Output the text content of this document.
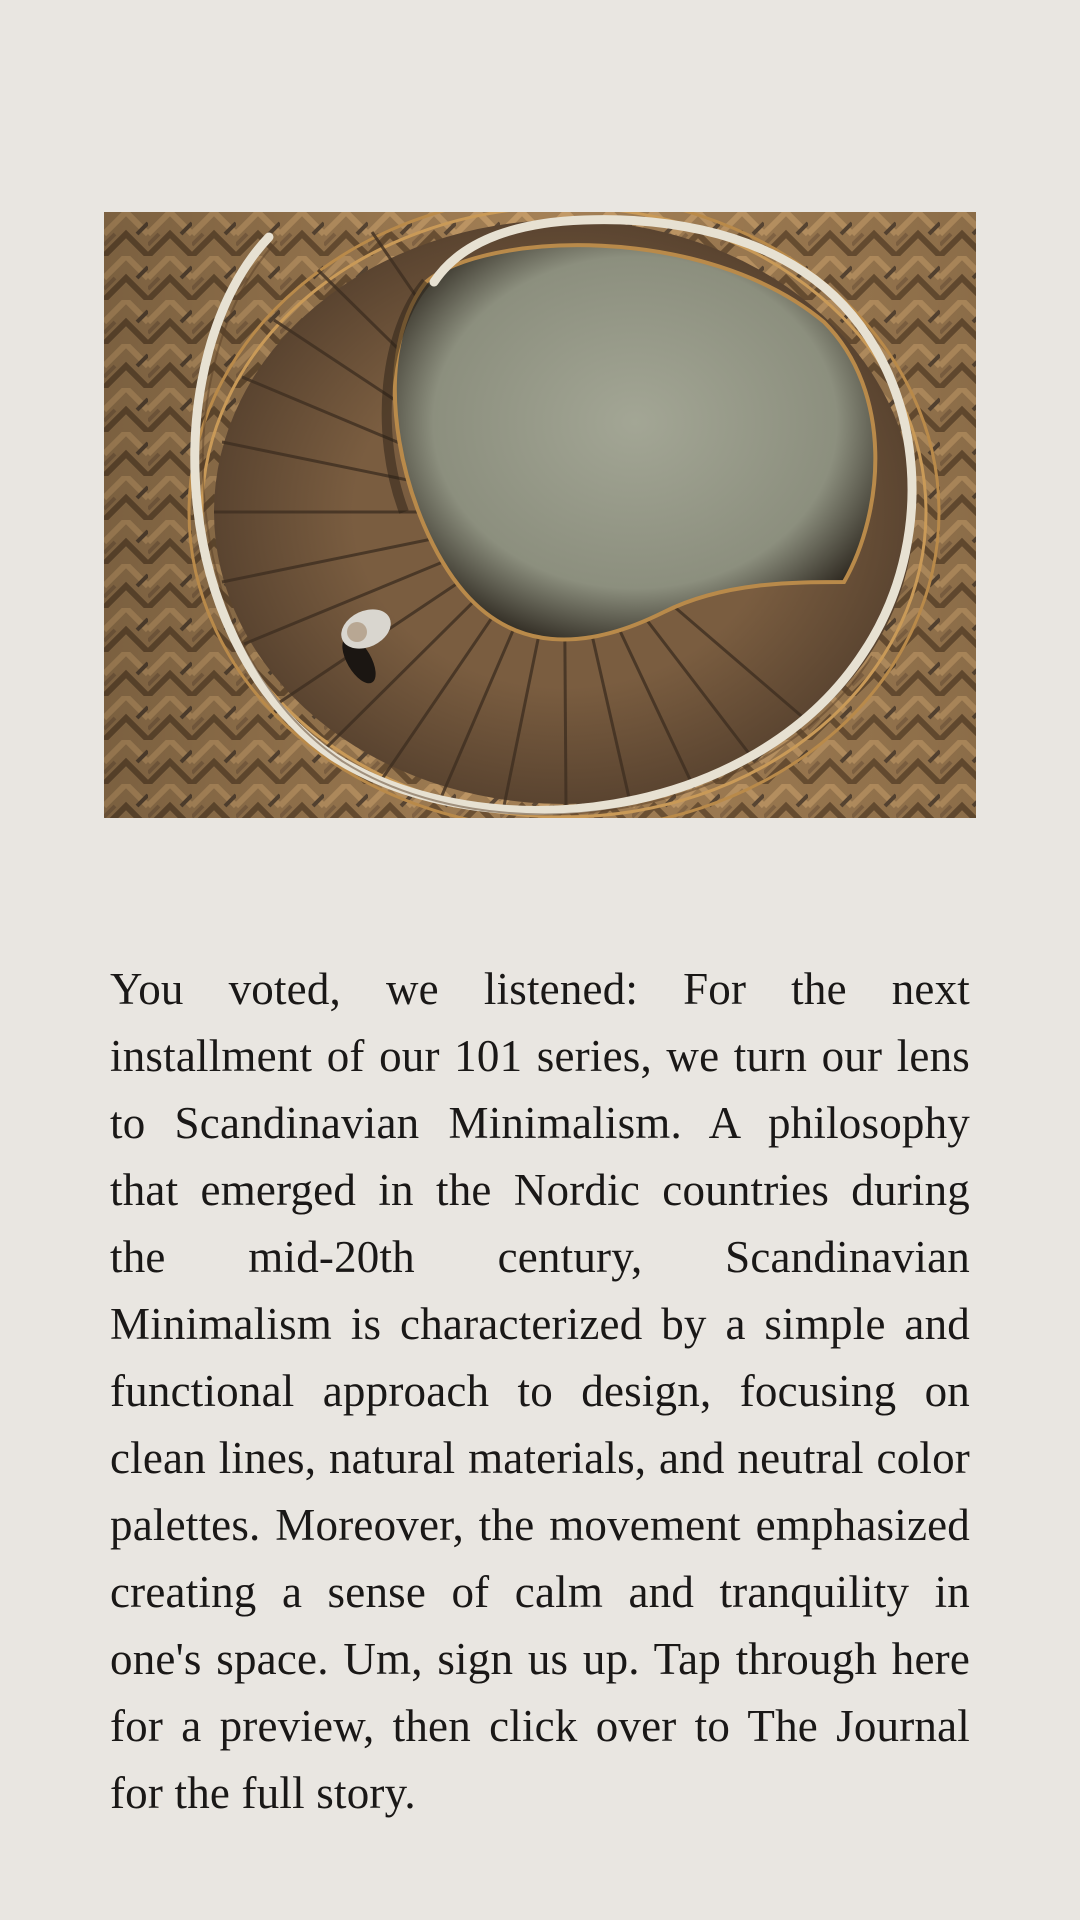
You voted, we listened: For the next installment of our 101 series, we turn our lens to Scandinavian Minimalism. A philosophy that emerged in the Nordic countries during the mid-20th century, Scandinavian Minimalism is characterized by a simple and functional approach to design, focusing on clean lines, natural materials, and neutral color palettes. Moreover, the movement emphasized creating a sense of calm and tranquility in one's space. Um, sign us up. Tap through here for a preview, then click over to The Journal for the full story.
